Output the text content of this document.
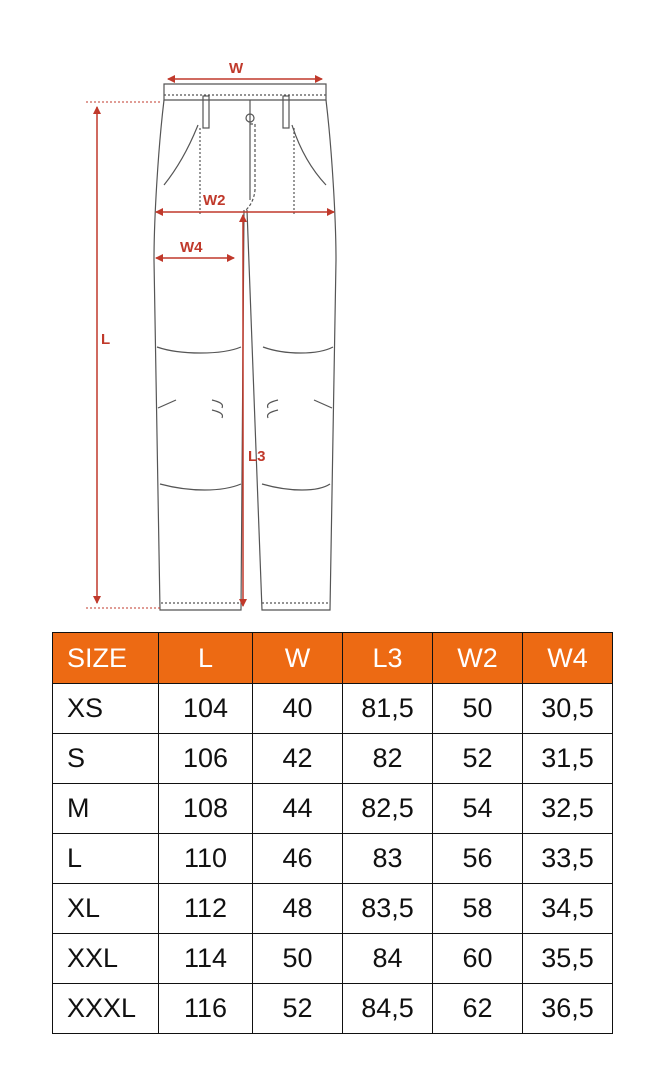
W
W2
W4
L
L3
SIZE	L	W	L3	W2	W4
XS	104	40	81,5	50	30,5
S	106	42	82	52	31,5
M	108	44	82,5	54	32,5
L	110	46	83	56	33,5
XL	112	48	83,5	58	34,5
XXL	114	50	84	60	35,5
XXXL	116	52	84,5	62	36,5
